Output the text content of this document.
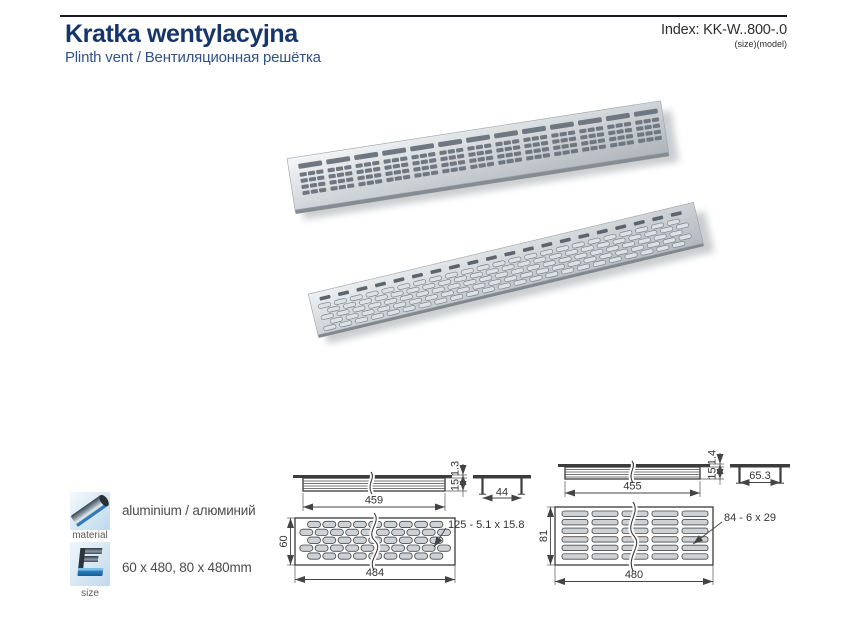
Kratka wentylacyjna
Plinth vent / Вентиляционная решётка
Index: KK-W..800-.0
(size)(model)
material
aluminium / алюминий
size
60 x 480, 80 x 480mm
459
15
1.3
44
60
484
125 - 5.1 x 15.8
455
15
1.4
65.3
81
480
84 - 6 x 29
